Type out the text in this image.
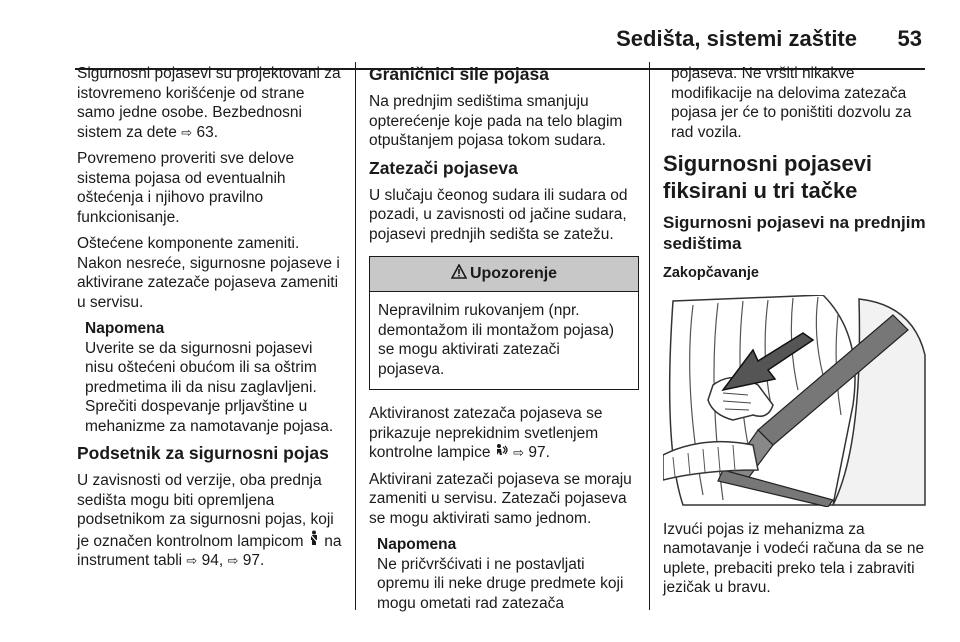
Sedišta, sistemi zaštite 53

Sigurnosni pojasevi su projektovani za istovremeno korišćenje od strane samo jedne osobe. Bezbednosni sistem za dete ⇨ 63.

Povremeno proveriti sve delove sistema pojasa od eventualnih oštećenja i njihovo pravilno funkcionisanje.

Oštećene komponente zameniti. Nakon nesreće, sigurnosne pojaseve i aktivirane zatezače pojaseva zameniti u servisu.

Napomena
Uverite se da sigurnosni pojasevi nisu oštećeni obućom ili sa oštrim predmetima ili da nisu zaglavljeni. Sprečiti dospevanje prljavštine u mehanizme za namotavanje pojasa.
Podsetnik za sigurnosni pojas

U zavisnosti od verzije, oba prednja sedišta mogu biti opremljena podsetnikom za sigurnosni pojas, koji je označen kontrolnom lampicom  na instrument tabli ⇨ 94, ⇨ 97.

Graničnici sile pojasa

Na prednjim sedištima smanjuju opterećenje koje pada na telo blagim otpuštanjem pojasa tokom sudara.

Zatezači pojaseva

U slučaju čeonog sudara ili sudara od pozadi, u zavisnosti od jačine sudara, pojasevi prednjih sedišta se zatežu.

Upozorenje
Nepravilnim rukovanjem (npr. demontažom ili montažom pojasa) se mogu aktivirati zatezači pojaseva.

Aktiviranost zatezača pojaseva se prikazuje neprekidnim svetlenjem kontrolne lampice  ⇨ 97.

Aktivirani zatezači pojaseva se moraju zameniti u servisu. Zatezači pojaseva se mogu aktivirati samo jednom.

Napomena
Ne pričvršćivati i ne postavljati opremu ili neke druge predmete koji mogu ometati rad zatezača

pojaseva. Ne vršiti nikakve modifikacije na delovima zatezača pojasa jer će to poništiti dozvolu za rad vozila.

Sigurnosni pojasevi fiksirani u tri tačke
Sigurnosni pojasevi na prednjim sedištima
Zakopčavanje

Izvući pojas iz mehanizma za namotavanje i vodeći računa da se ne uplete, prebaciti preko tela i zabraviti jezičak u bravu.
